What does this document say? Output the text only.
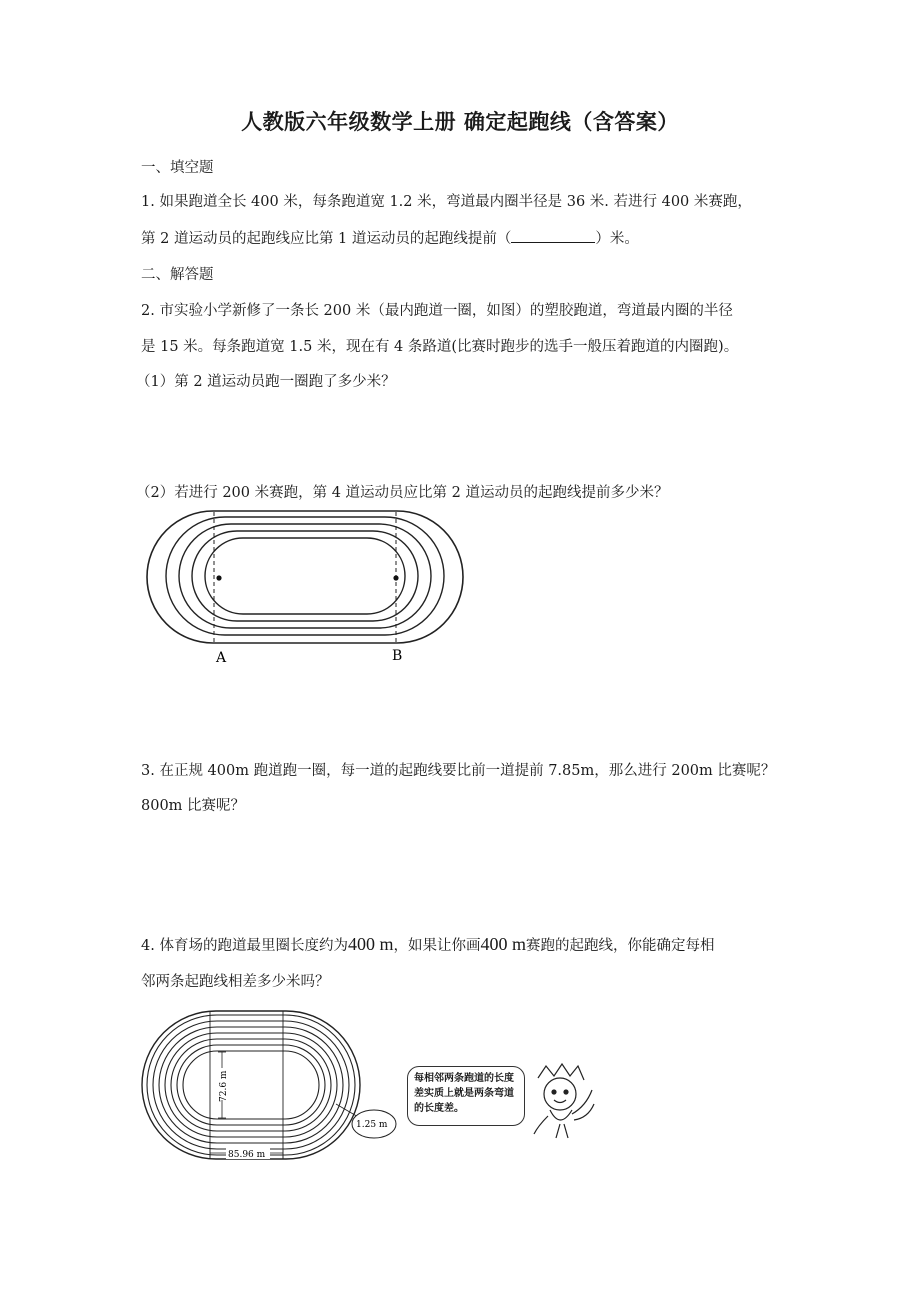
人教版六年级数学上册 确定起跑线（含答案）
一、填空题
1. 如果跑道全长 400 米，每条跑道宽 1.2 米，弯道最内圈半径是 36 米. 若进行 400 米赛跑，
第 2 道运动员的起跑线应比第 1 道运动员的起跑线提前（	）米。
二、解答题
2. 市实验小学新修了一条长 200 米（最内跑道一圈，如图）的塑胶跑道，弯道最内圈的半径
是 15 米。每条跑道宽 1.5 米，现在有 4 条路道(比赛时跑步的选手一般压着跑道的内圈跑)。
（1）第 2 道运动员跑一圈跑了多少米？
（2）若进行 200 米赛跑，第 4 道运动员应比第 2 道运动员的起跑线提前多少米？
A	B
3. 在正规 400m 跑道跑一圈，每一道的起跑线要比前一道提前 7.85m，那么进行 200m 比赛呢？
800m 比赛呢？
4. 体育场的跑道最里圈长度约为400 m，如果让你画400 m赛跑的起跑线，你能确定每相
邻两条起跑线相差多少米吗？
72.6 m
85.96 m
1.25 m
每相邻两条跑道的长度差实质上就是两条弯道的长度差。
